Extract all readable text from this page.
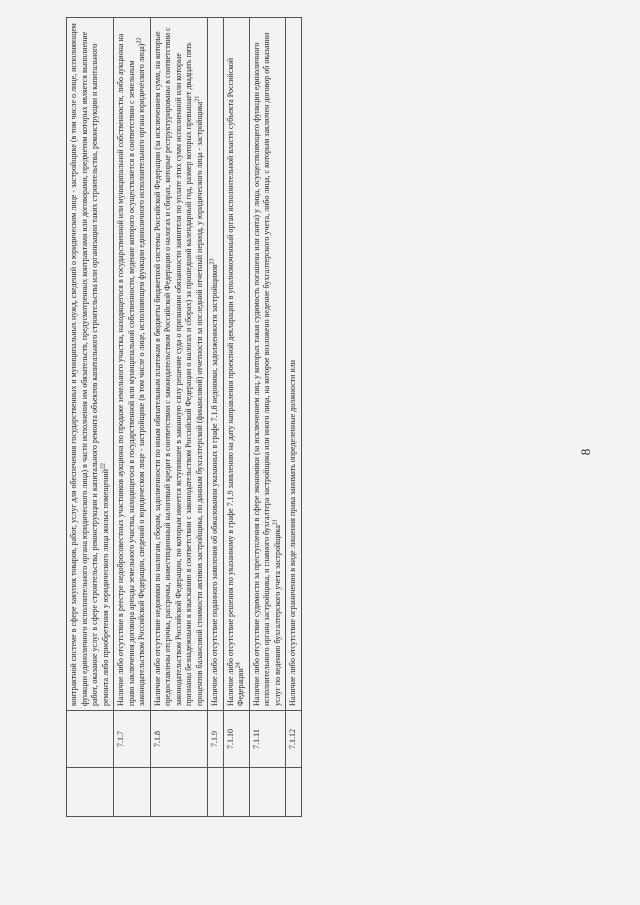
8
		контрактной системе в сфере закупок товаров, работ, услуг для обеспечения государственных и муниципальных нужд, сведений о юридическом лице - застройщике (в том числе о лице, исполняющем функции единоличного исполнительного органа юридического лица) в части исполнения им обязательств, предусмотренных контрактами или договорами, предметом которых является выполнение работ, оказание услуг в сфере строительства, реконструкции и капитального ремонта объектов капитального строительства или организации таких строительства, реконструкции и капитального ремонта либо приобретения у юридического лица жилых помещений$^{22}$
	7.1.7	Наличие либо отсутствие в реестре недобросовестных участников аукциона по продаже земельного участка, находящегося в государственной или муниципальной собственности, либо аукциона на право заключения договора аренды земельного участка, находящегося в государственной или муниципальной собственности, ведение которого осуществляется в соответствии с земельным законодательством Российской Федерации, сведений о юридическом лице - застройщике (в том числе о лице, исполняющем функции единоличного исполнительного органа юридического лица)$^{22}$
	7.1.8	Наличие либо отсутствие недоимки по налогам, сборам, задолженности по иным обязательным платежам в бюджеты бюджетной системы Российской Федерации (за исключением сумм, на которые предоставлены отсрочка, рассрочка, инвестиционный налоговый кредит в соответствии с законодательством Российской Федерации о налогах и сборах, которые реструктурированы в соответствии с законодательством Российской Федерации, по которым имеется вступившее в законную силу решение суда о признании обязанности заявителя по уплате этих сумм исполненной или которые признаны безнадежными к взысканию в соответствии с законодательством Российской Федерации о налогах и сборах) за прошедший календарный год, размер которых превышает двадцать пять процентов балансовой стоимости активов застройщика, по данным бухгалтерской (финансовой) отчетности за последний отчетный период, у юридического лица - застройщика$^{21}$
	7.1.9	Наличие либо отсутствие поданного заявления об обжаловании указанных в графе 7.1.8 недоимки, задолженности застройщиков$^{23}$
	7.1.10	Наличие либо отсутствие решения по указанному в графе 7.1.9 заявлению на дату направления проектной декларации в уполномоченный орган исполнительной власти субъекта Российской Федерации$^{24}$
	7.1.11	Наличие либо отсутствие судимости за преступления в сфере экономики (за исключением лиц, у которых такая судимость погашена или снята) у лица, осуществляющего функции единоличного исполнительного органа застройщика, и главного бухгалтера застройщика или иного лица, на которое возложено ведение бухгалтерского учета, либо лица, с которым заключен договор об оказании услуг по ведению бухгалтерского учета застройщика$^{21}$
	7.1.12	Наличие либо отсутствие ограничения в виде лишения права занимать определенные должности или
